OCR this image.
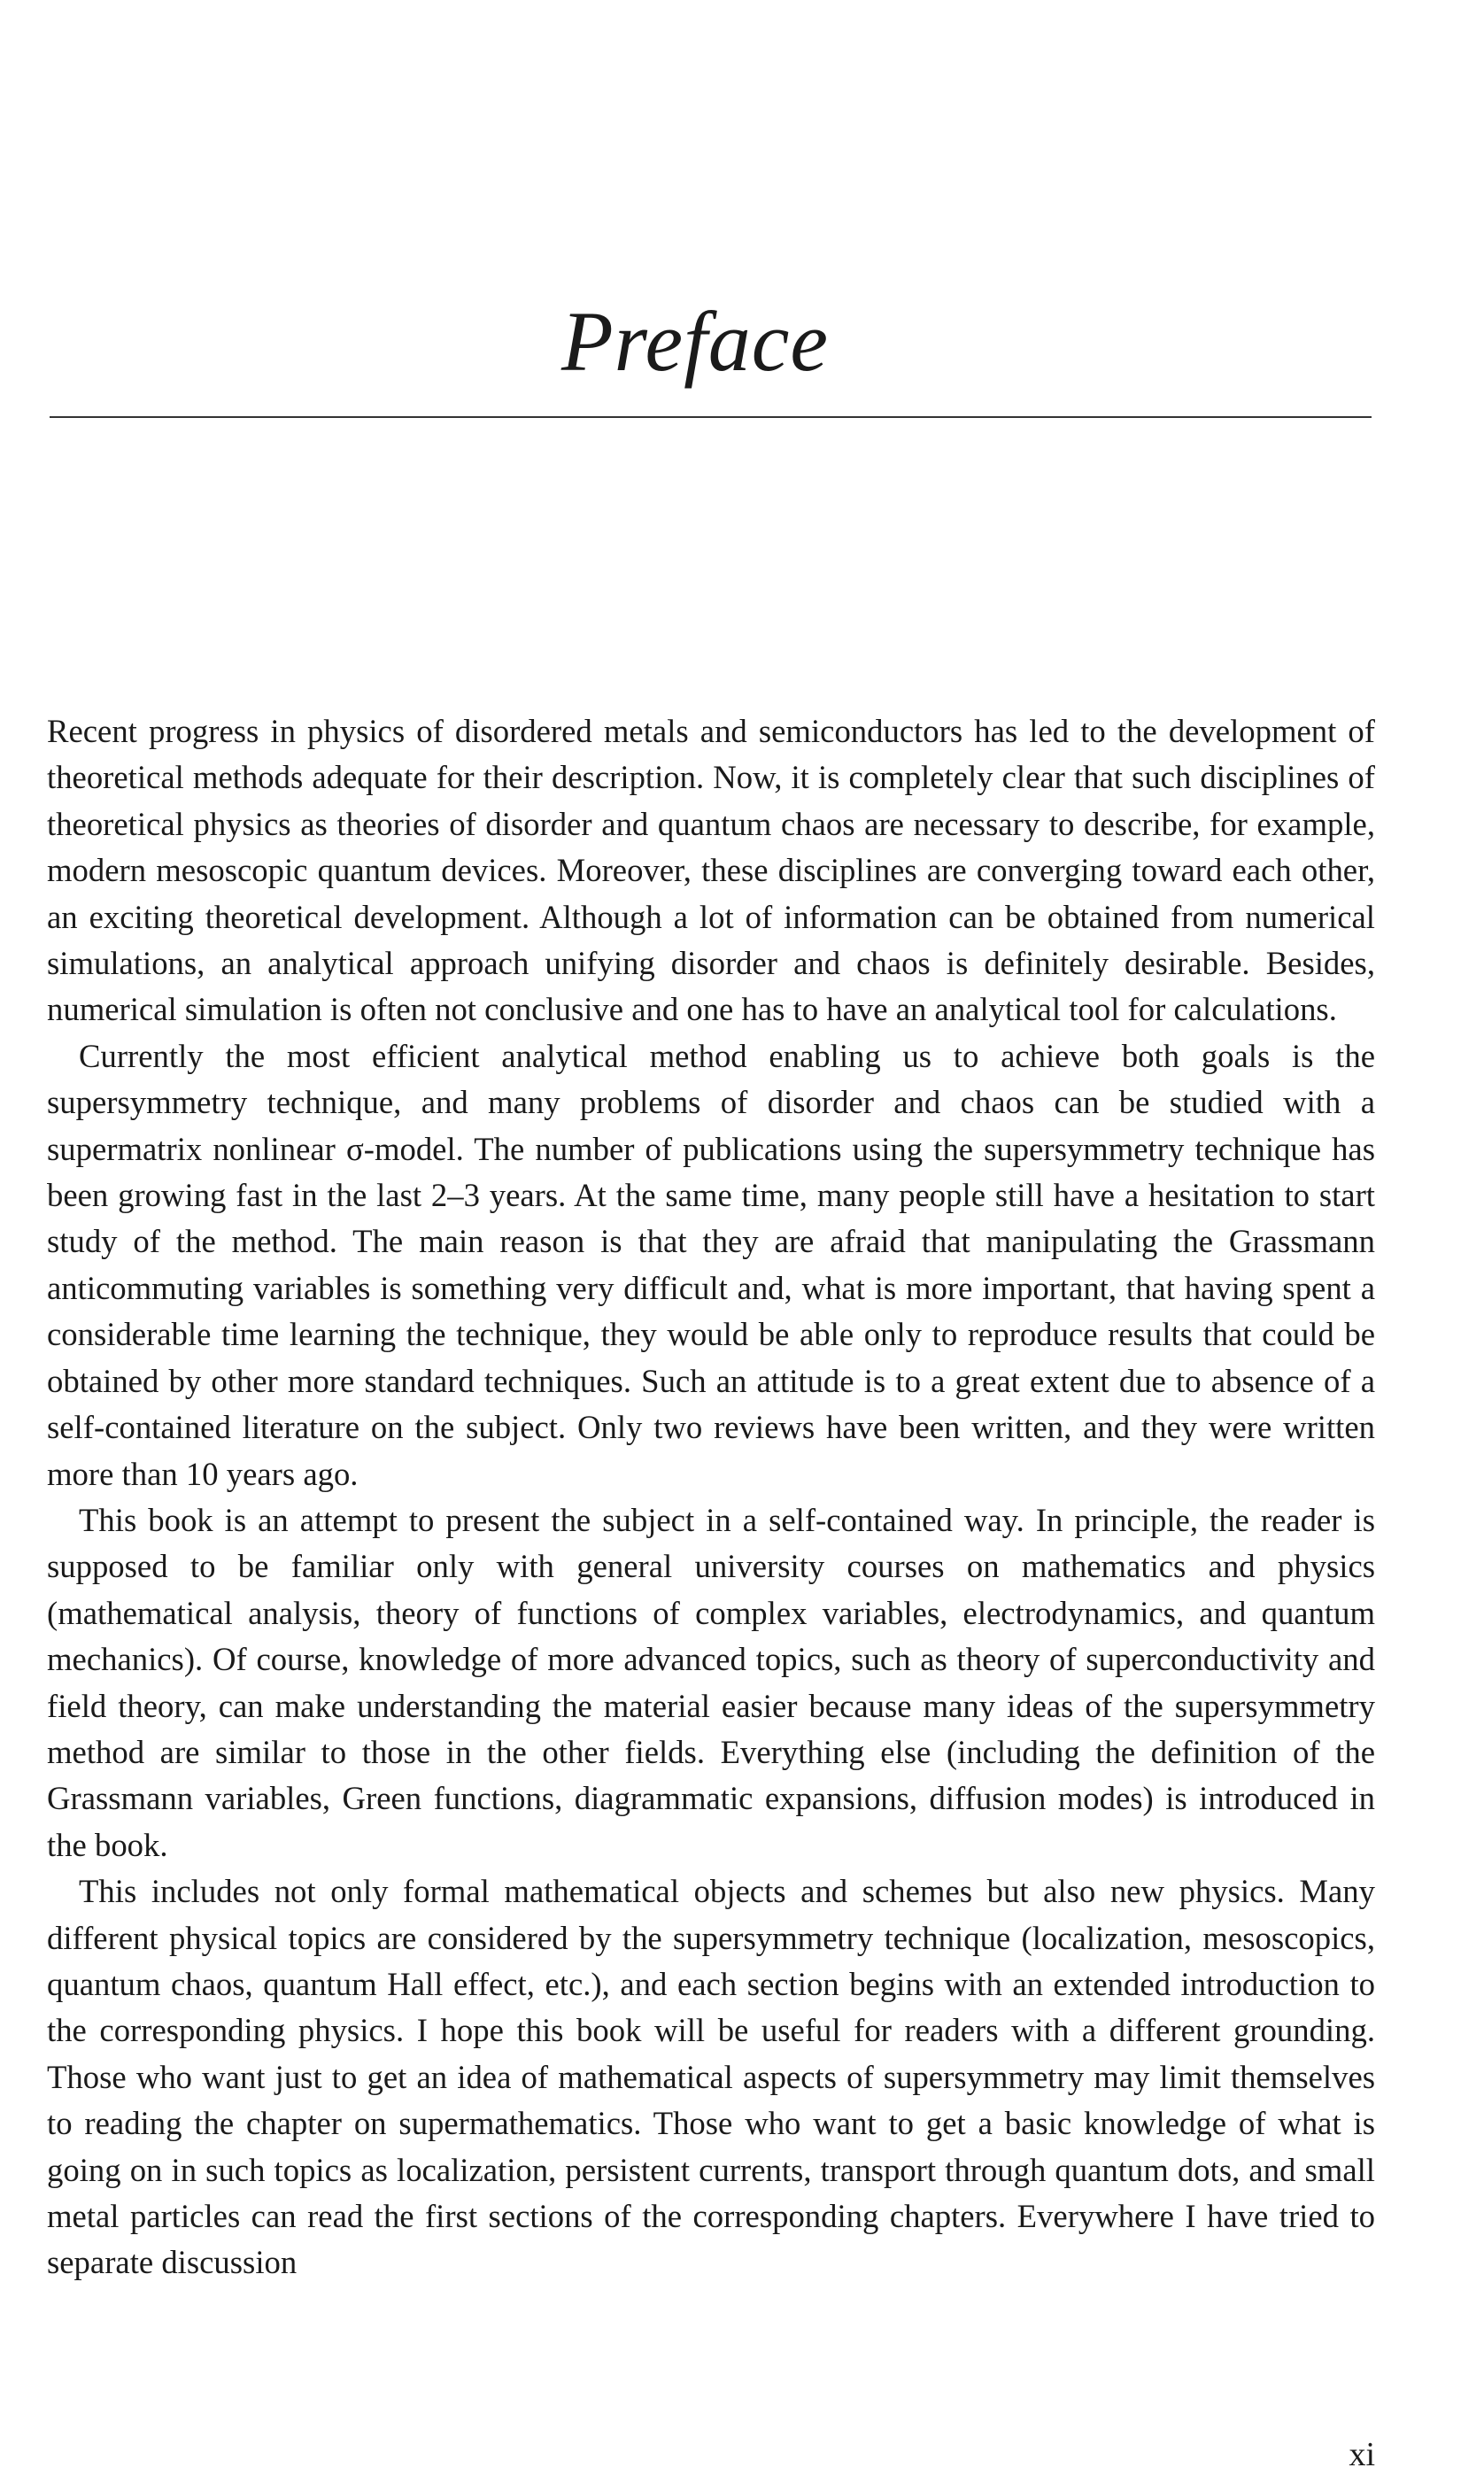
Preface

Recent progress in physics of disordered metals and semiconductors has led to the development of theoretical methods adequate for their description. Now, it is completely clear that such disciplines of theoretical physics as theories of disorder and quantum chaos are necessary to describe, for example, modern mesoscopic quantum devices. Moreover, these disciplines are converging toward each other, an exciting theoretical development. Although a lot of information can be obtained from numerical simulations, an analytical approach unifying disorder and chaos is definitely desirable. Besides, numerical simulation is often not conclusive and one has to have an analytical tool for calculations.

Currently the most efficient analytical method enabling us to achieve both goals is the supersymmetry technique, and many problems of disorder and chaos can be studied with a supermatrix nonlinear σ-model. The number of publications using the supersymmetry technique has been growing fast in the last 2–3 years. At the same time, many people still have a hesitation to start study of the method. The main reason is that they are afraid that manipulating the Grassmann anticommuting variables is something very difficult and, what is more important, that having spent a considerable time learning the technique, they would be able only to reproduce results that could be obtained by other more standard techniques. Such an attitude is to a great extent due to absence of a self-contained literature on the subject. Only two reviews have been written, and they were written more than 10 years ago.

This book is an attempt to present the subject in a self-contained way. In principle, the reader is supposed to be familiar only with general university courses on mathematics and physics (mathematical analysis, theory of functions of complex variables, electrodynamics, and quantum mechanics). Of course, knowledge of more advanced topics, such as theory of superconductivity and field theory, can make understanding the material easier because many ideas of the supersymmetry method are similar to those in the other fields. Everything else (including the definition of the Grassmann variables, Green functions, diagrammatic expansions, diffusion modes) is introduced in the book.

This includes not only formal mathematical objects and schemes but also new physics. Many different physical topics are considered by the supersymmetry technique (localization, mesoscopics, quantum chaos, quantum Hall effect, etc.), and each section begins with an extended introduction to the corresponding physics. I hope this book will be useful for readers with a different grounding. Those who want just to get an idea of mathematical aspects of supersymmetry may limit themselves to reading the chapter on supermathematics. Those who want to get a basic knowledge of what is going on in such topics as localization, persistent currents, transport through quantum dots, and small metal particles can read the first sections of the corresponding chapters. Everywhere I have tried to separate discussion

xi
